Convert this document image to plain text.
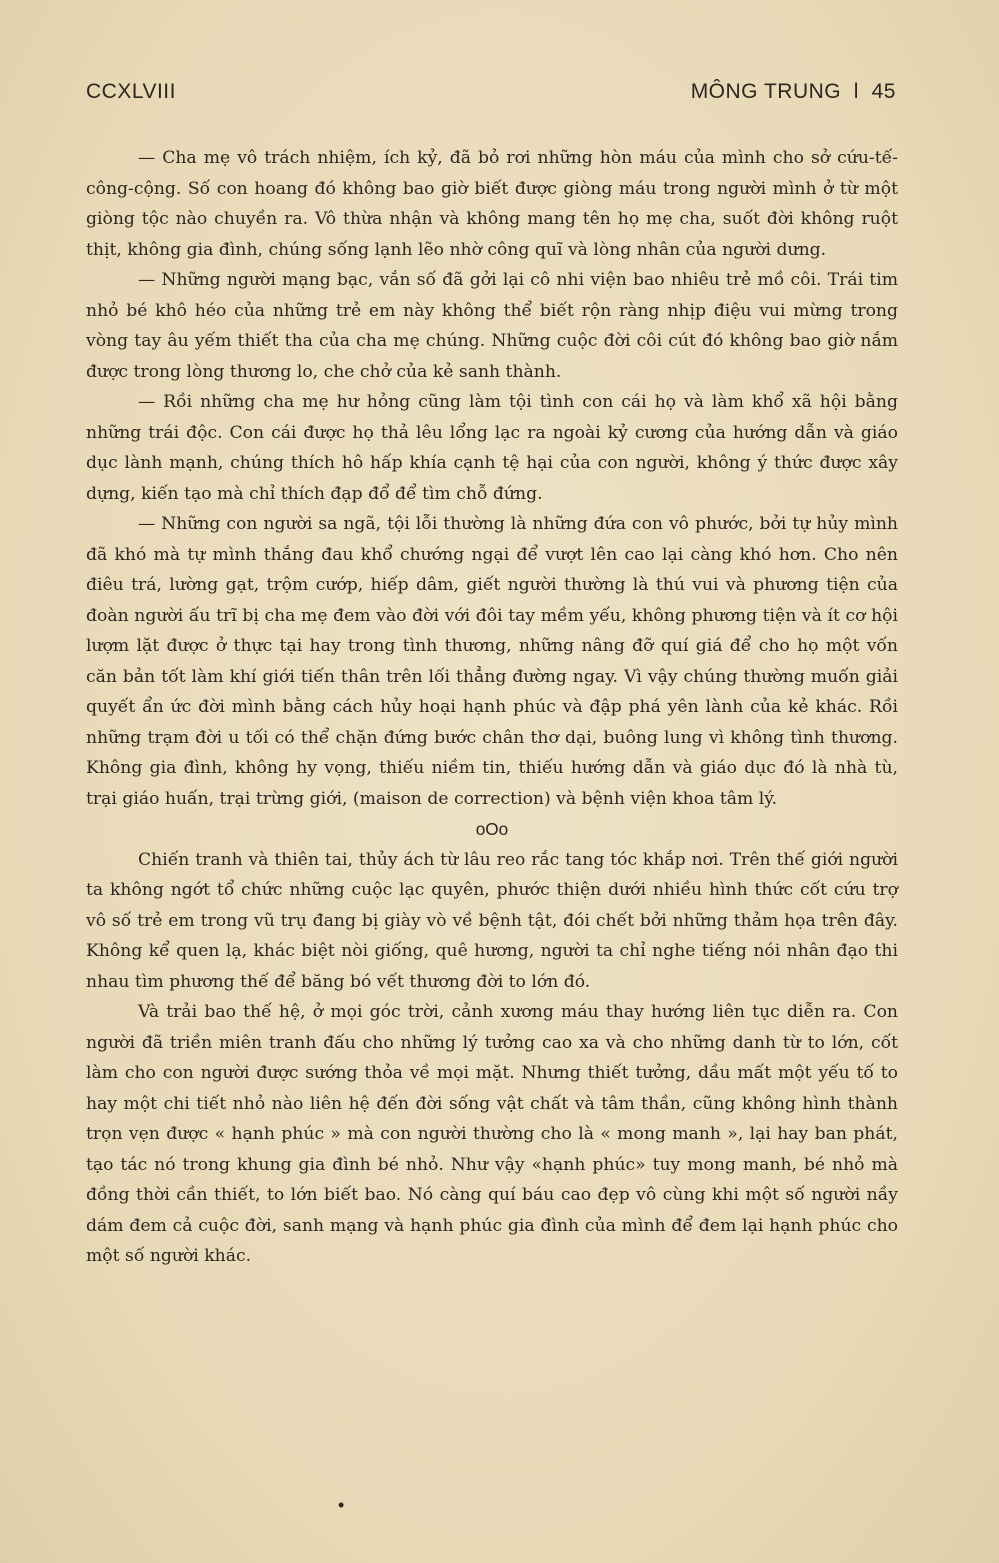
CCXLVIII	MÔNG TRUNG  l  45

— Cha mẹ vô trách nhiệm, ích kỷ, đã bỏ rơi những hòn máu của mình cho sở cứu-tế-công-cộng. Số con hoang đó không bao giờ biết được giòng máu trong người mình ở từ một giòng tộc nào chuyền ra. Vô thừa nhận và không mang tên họ mẹ cha, suốt đời không ruột thịt, không gia đình, chúng sống lạnh lẽo nhờ công quĩ và lòng nhân của người dưng.

— Những người mạng bạc, vắn số đã gởi lại cô nhi viện bao nhiêu trẻ mồ côi. Trái tim nhỏ bé khô héo của những trẻ em này không thể biết rộn ràng nhịp điệu vui mừng trong vòng tay âu yếm thiết tha của cha mẹ chúng. Những cuộc đời côi cút đó không bao giờ nắm được trong lòng thương lo, che chở của kẻ sanh thành.

— Rồi những cha mẹ hư hỏng cũng làm tội tình con cái họ và làm khổ xã hội bằng những trái độc. Con cái được họ thả lêu lổng lạc ra ngoài kỷ cương của hướng dẫn và giáo dục lành mạnh, chúng thích hô hấp khía cạnh tệ hại của con người, không ý thức được xây dựng, kiến tạo mà chỉ thích đạp đổ để tìm chỗ đứng.

— Những con người sa ngã, tội lỗi thường là những đứa con vô phước, bởi tự hủy mình đã khó mà tự mình thắng đau khổ chướng ngại để vượt lên cao lại càng khó hơn. Cho nên điêu trá, lường gạt, trộm cướp, hiếp dâm, giết người thường là thú vui và phương tiện của đoàn người ấu trĩ bị cha mẹ đem vào đời với đôi tay mềm yếu, không phương tiện và ít cơ hội lượm lặt được ở thực tại hay trong tình thương, những nâng đỡ quí giá để cho họ một vốn căn bản tốt làm khí giới tiến thân trên lối thẳng đường ngay. Vì vậy chúng thường muốn giải quyết ẩn ức đời mình bằng cách hủy hoại hạnh phúc và đập phá yên lành của kẻ khác. Rồi những trạm đời u tối có thể chặn đứng bước chân thơ dại, buông lung vì không tình thương. Không gia đình, không hy vọng, thiếu niềm tin, thiếu hướng dẫn và giáo dục đó là nhà tù, trại giáo huấn, trại trừng giới, (maison de correction) và bệnh viện khoa tâm lý.

oOo

Chiến tranh và thiên tai, thủy ách từ lâu reo rắc tang tóc khắp nơi. Trên thế giới người ta không ngớt tổ chức những cuộc lạc quyên, phước thiện dưới nhiều hình thức cốt cứu trợ vô số trẻ em trong vũ trụ đang bị giày vò về bệnh tật, đói chết bởi những thảm họa trên đây. Không kể quen lạ, khác biệt nòi giống, quê hương, người ta chỉ nghe tiếng nói nhân đạo thi nhau tìm phương thế để băng bó vết thương đời to lớn đó.

Và trải bao thế hệ, ở mọi góc trời, cảnh xương máu thay hướng liên tục diễn ra. Con người đã triền miên tranh đấu cho những lý tưởng cao xa và cho những danh từ to lớn, cốt làm cho con người được sướng thỏa về mọi mặt. Nhưng thiết tưởng, dầu mất một yếu tố to hay một chi tiết nhỏ nào liên hệ đến đời sống vật chất và tâm thần, cũng không hình thành trọn vẹn được « hạnh phúc » mà con người thường cho là « mong manh », lại hay ban phát, tạo tác nó trong khung gia đình bé nhỏ. Như vậy «hạnh phúc» tuy mong manh, bé nhỏ mà đồng thời cần thiết, to lớn biết bao. Nó càng quí báu cao đẹp vô cùng khi một số người nầy dám đem cả cuộc đời, sanh mạng và hạnh phúc gia đình của mình để đem lại hạnh phúc cho một số người khác.

•
